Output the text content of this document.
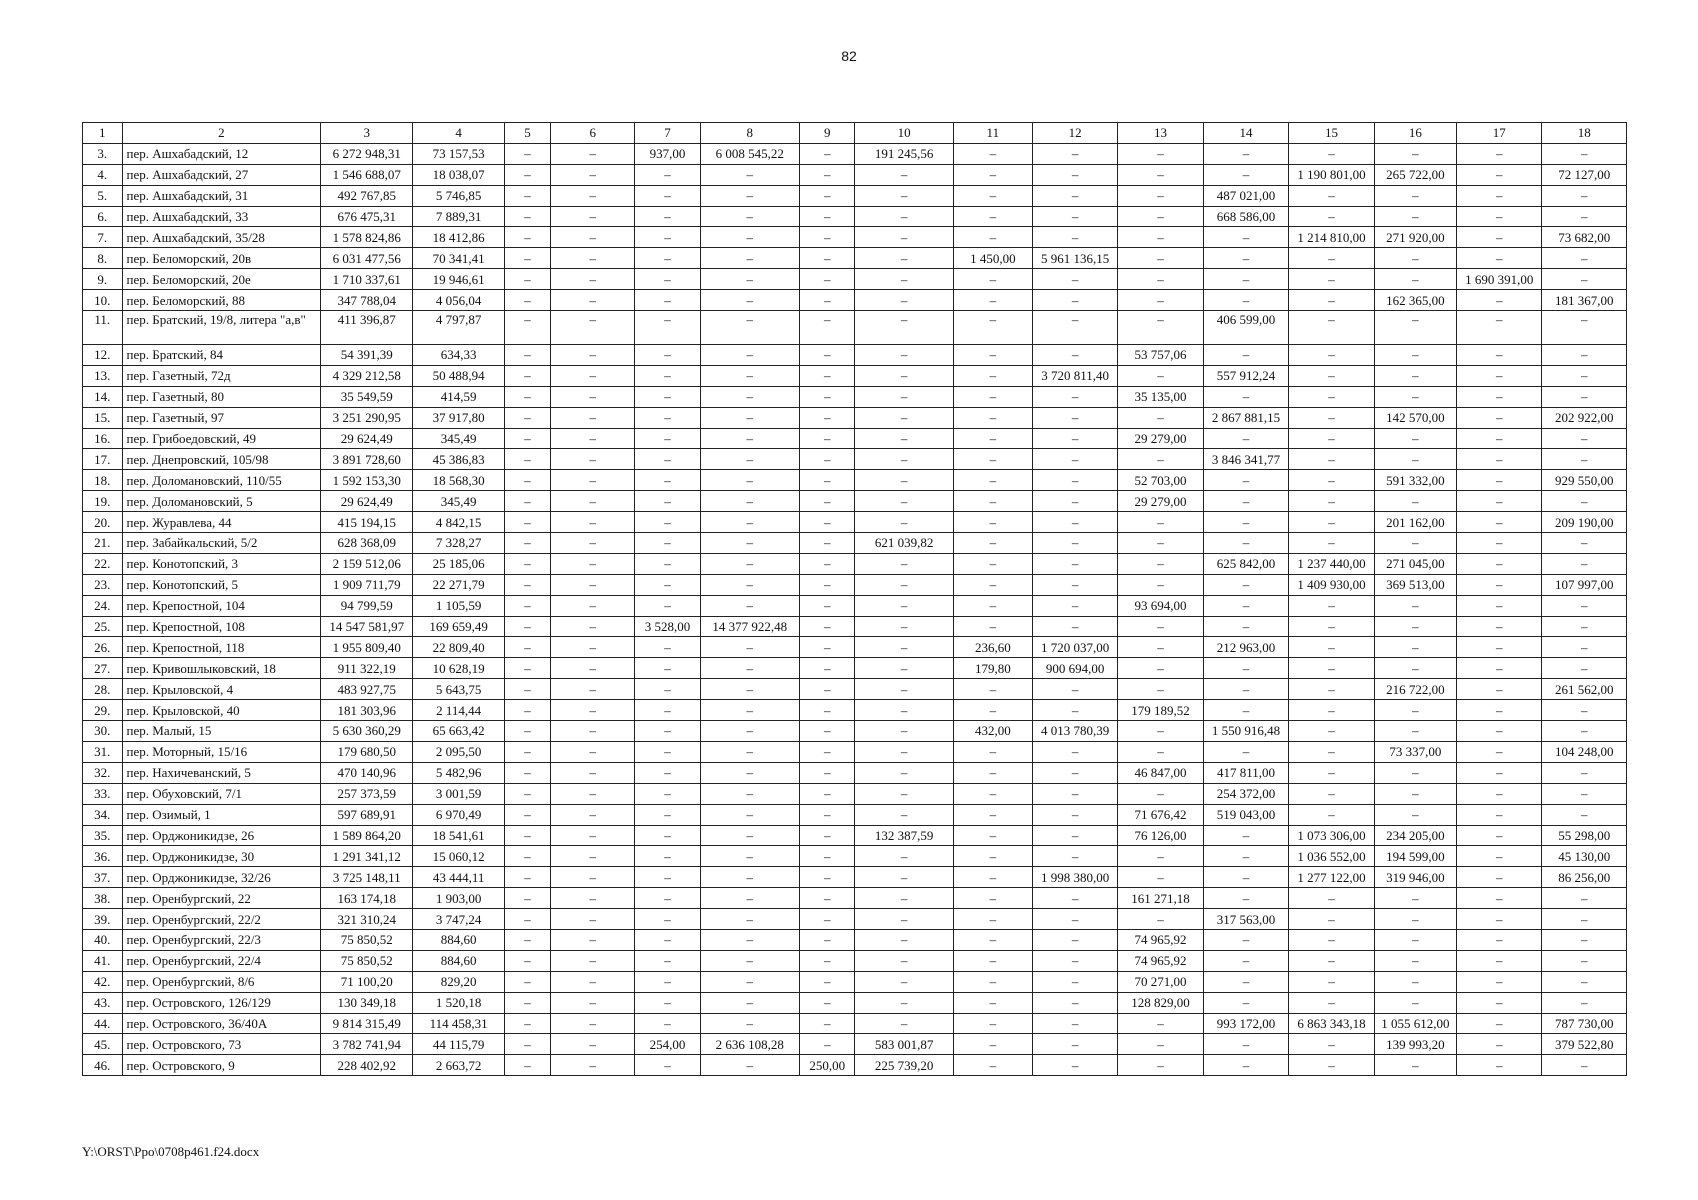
82
1	2	3	4	5	6	7	8	9	10	11	12	13	14	15	16	17	18
3.	пер. Ашхабадский, 12	6 272 948,31	73 157,53	–	–	937,00	6 008 545,22	–	191 245,56	–	–	–	–	–	–	–	–
4.	пер. Ашхабадский, 27	1 546 688,07	18 038,07	–	–	–	–	–	–	–	–	–	–	1 190 801,00	265 722,00	–	72 127,00
5.	пер. Ашхабадский, 31	492 767,85	5 746,85	–	–	–	–	–	–	–	–	–	487 021,00	–	–	–	–
6.	пер. Ашхабадский, 33	676 475,31	7 889,31	–	–	–	–	–	–	–	–	–	668 586,00	–	–	–	–
7.	пер. Ашхабадский, 35/28	1 578 824,86	18 412,86	–	–	–	–	–	–	–	–	–	–	1 214 810,00	271 920,00	–	73 682,00
8.	пер. Беломорский, 20в	6 031 477,56	70 341,41	–	–	–	–	–	–	1 450,00	5 961 136,15	–	–	–	–	–	–
9.	пер. Беломорский, 20е	1 710 337,61	19 946,61	–	–	–	–	–	–	–	–	–	–	–	–	1 690 391,00	–
10.	пер. Беломорский, 88	347 788,04	4 056,04	–	–	–	–	–	–	–	–	–	–	–	162 365,00	–	181 367,00
11.	пер. Братский, 19/8, литера "а,в"	411 396,87	4 797,87	–	–	–	–	–	–	–	–	–	406 599,00	–	–	–	–
12.	пер. Братский, 84	54 391,39	634,33	–	–	–	–	–	–	–	–	53 757,06	–	–	–	–	–
13.	пер. Газетный, 72д	4 329 212,58	50 488,94	–	–	–	–	–	–	–	3 720 811,40	–	557 912,24	–	–	–	–
14.	пер. Газетный, 80	35 549,59	414,59	–	–	–	–	–	–	–	–	35 135,00	–	–	–	–	–
15.	пер. Газетный, 97	3 251 290,95	37 917,80	–	–	–	–	–	–	–	–	–	2 867 881,15	–	142 570,00	–	202 922,00
16.	пер. Грибоедовский, 49	29 624,49	345,49	–	–	–	–	–	–	–	–	29 279,00	–	–	–	–	–
17.	пер. Днепровский, 105/98	3 891 728,60	45 386,83	–	–	–	–	–	–	–	–	–	3 846 341,77	–	–	–	–
18.	пер. Доломановский, 110/55	1 592 153,30	18 568,30	–	–	–	–	–	–	–	–	52 703,00	–	–	591 332,00	–	929 550,00
19.	пер. Доломановский, 5	29 624,49	345,49	–	–	–	–	–	–	–	–	29 279,00	–	–	–	–	–
20.	пер. Журавлева, 44	415 194,15	4 842,15	–	–	–	–	–	–	–	–	–	–	–	201 162,00	–	209 190,00
21.	пер. Забайкальский, 5/2	628 368,09	7 328,27	–	–	–	–	–	621 039,82	–	–	–	–	–	–	–	–
22.	пер. Конотопский, 3	2 159 512,06	25 185,06	–	–	–	–	–	–	–	–	–	625 842,00	1 237 440,00	271 045,00	–	–
23.	пер. Конотопский, 5	1 909 711,79	22 271,79	–	–	–	–	–	–	–	–	–	–	1 409 930,00	369 513,00	–	107 997,00
24.	пер. Крепостной, 104	94 799,59	1 105,59	–	–	–	–	–	–	–	–	93 694,00	–	–	–	–	–
25.	пер. Крепостной, 108	14 547 581,97	169 659,49	–	–	3 528,00	14 377 922,48	–	–	–	–	–	–	–	–	–	–
26.	пер. Крепостной, 118	1 955 809,40	22 809,40	–	–	–	–	–	–	236,60	1 720 037,00	–	212 963,00	–	–	–	–
27.	пер. Кривошлыковский, 18	911 322,19	10 628,19	–	–	–	–	–	–	179,80	900 694,00	–	–	–	–	–	–
28.	пер. Крыловской, 4	483 927,75	5 643,75	–	–	–	–	–	–	–	–	–	–	–	216 722,00	–	261 562,00
29.	пер. Крыловской, 40	181 303,96	2 114,44	–	–	–	–	–	–	–	–	179 189,52	–	–	–	–	–
30.	пер. Малый, 15	5 630 360,29	65 663,42	–	–	–	–	–	–	432,00	4 013 780,39	–	1 550 916,48	–	–	–	–
31.	пер. Моторный, 15/16	179 680,50	2 095,50	–	–	–	–	–	–	–	–	–	–	–	73 337,00	–	104 248,00
32.	пер. Нахичеванский, 5	470 140,96	5 482,96	–	–	–	–	–	–	–	–	46 847,00	417 811,00	–	–	–	–
33.	пер. Обуховский, 7/1	257 373,59	3 001,59	–	–	–	–	–	–	–	–	–	254 372,00	–	–	–	–
34.	пер. Озимый, 1	597 689,91	6 970,49	–	–	–	–	–	–	–	–	71 676,42	519 043,00	–	–	–	–
35.	пер. Орджоникидзе, 26	1 589 864,20	18 541,61	–	–	–	–	–	132 387,59	–	–	76 126,00	–	1 073 306,00	234 205,00	–	55 298,00
36.	пер. Орджоникидзе, 30	1 291 341,12	15 060,12	–	–	–	–	–	–	–	–	–	–	1 036 552,00	194 599,00	–	45 130,00
37.	пер. Орджоникидзе, 32/26	3 725 148,11	43 444,11	–	–	–	–	–	–	–	1 998 380,00	–	–	1 277 122,00	319 946,00	–	86 256,00
38.	пер. Оренбургский, 22	163 174,18	1 903,00	–	–	–	–	–	–	–	–	161 271,18	–	–	–	–	–
39.	пер. Оренбургский, 22/2	321 310,24	3 747,24	–	–	–	–	–	–	–	–	–	317 563,00	–	–	–	–
40.	пер. Оренбургский, 22/3	75 850,52	884,60	–	–	–	–	–	–	–	–	74 965,92	–	–	–	–	–
41.	пер. Оренбургский, 22/4	75 850,52	884,60	–	–	–	–	–	–	–	–	74 965,92	–	–	–	–	–
42.	пер. Оренбургский, 8/6	71 100,20	829,20	–	–	–	–	–	–	–	–	70 271,00	–	–	–	–	–
43.	пер. Островского, 126/129	130 349,18	1 520,18	–	–	–	–	–	–	–	–	128 829,00	–	–	–	–	–
44.	пер. Островского, 36/40А	9 814 315,49	114 458,31	–	–	–	–	–	–	–	–	–	993 172,00	6 863 343,18	1 055 612,00	–	787 730,00
45.	пер. Островского, 73	3 782 741,94	44 115,79	–	–	254,00	2 636 108,28	–	583 001,87	–	–	–	–	–	139 993,20	–	379 522,80
46.	пер. Островского, 9	228 402,92	2 663,72	–	–	–	–	250,00	225 739,20	–	–	–	–	–	–	–	–
Y:\ORST\Ppo\0708p461.f24.docx
